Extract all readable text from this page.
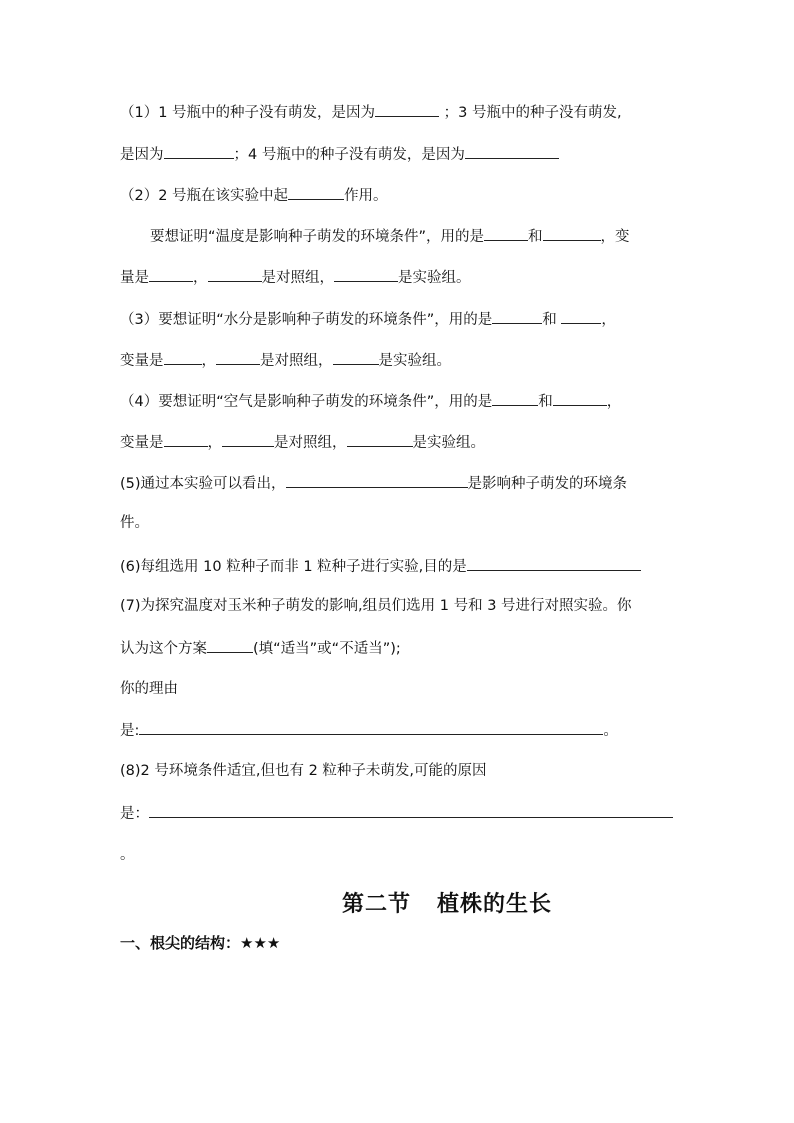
（1）1 号瓶中的种子没有萌发，是因为	；3 号瓶中的种子没有萌发,
是因为	；4 号瓶中的种子没有萌发，是因为
（2）2 号瓶在该实验中起	作用。
要想证明“温度是影响种子萌发的环境条件”，用的是	和	，变
量是	，	是对照组，	是实验组。
（3）要想证明“水分是影响种子萌发的环境条件”，用的是	和	，
变量是	，	是对照组，	是实验组。
（4）要想证明“空气是影响种子萌发的环境条件”，用的是	和	，
变量是	，	是对照组，	是实验组。
(5)通过本实验可以看出，	是影响种子萌发的环境条
件。
(6)每组选用 10 粒种子而非 1 粒种子进行实验,目的是
(7)为探究温度对玉米种子萌发的影响,组员们选用 1 号和 3 号进行对照实验。你
认为这个方案	(填“适当”或“不适当”);
你的理由
是:	。
(8)2 号环境条件适宜,但也有 2 粒种子未萌发,可能的原因
是：
。
第二节 植株的生长
一、根尖的结构：★★★
